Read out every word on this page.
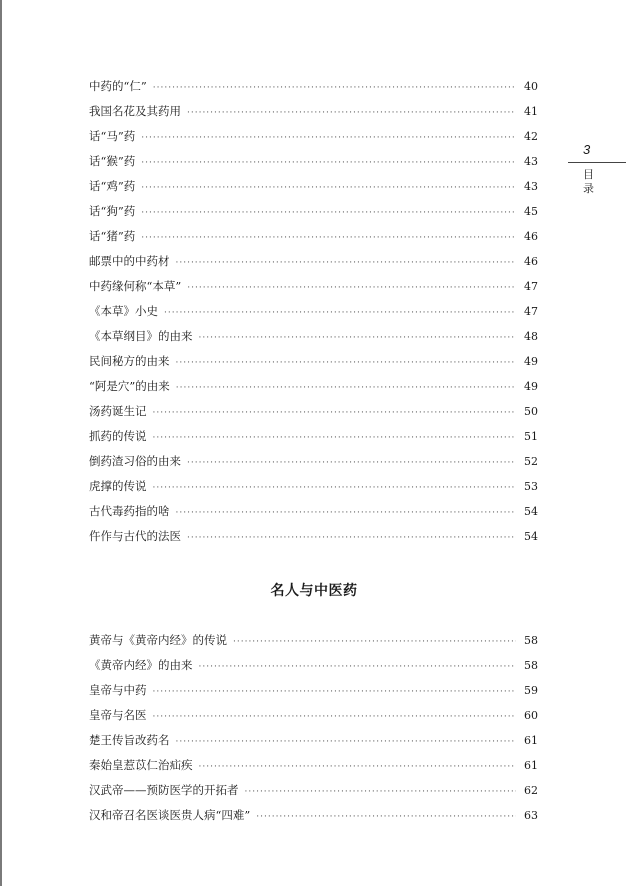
3
目录
中药的“仁” ·····	40
我国名花及其药用 ·····	41
话“马”药 ·····	42
话“猴”药 ·····	43
话“鸡”药 ·····	43
话“狗”药 ·····	45
话“猪”药 ·····	46
邮票中的中药材 ·····	46
中药缘何称“本草” ·····	47
《本草》小史 ·····	47
《本草纲目》的由来 ·····	48
民间秘方的由来 ·····	49
“阿是穴”的由来 ·····	49
汤药诞生记 ·····	50
抓药的传说 ·····	51
倒药渣习俗的由来 ·····	52
虎撑的传说 ·····	53
古代毒药指的啥 ·····	54
仵作与古代的法医 ·····	54
名人与中医药
黄帝与《黄帝内经》的传说 ·····	58
《黄帝内经》的由来 ·····	58
皇帝与中药 ·····	59
皇帝与名医 ·····	60
楚王传旨改药名 ·····	61
秦始皇惹苡仁治疝疾 ·····	61
汉武帝——预防医学的开拓者 ·····	62
汉和帝召名医谈医贵人病“四难” ·····	63
